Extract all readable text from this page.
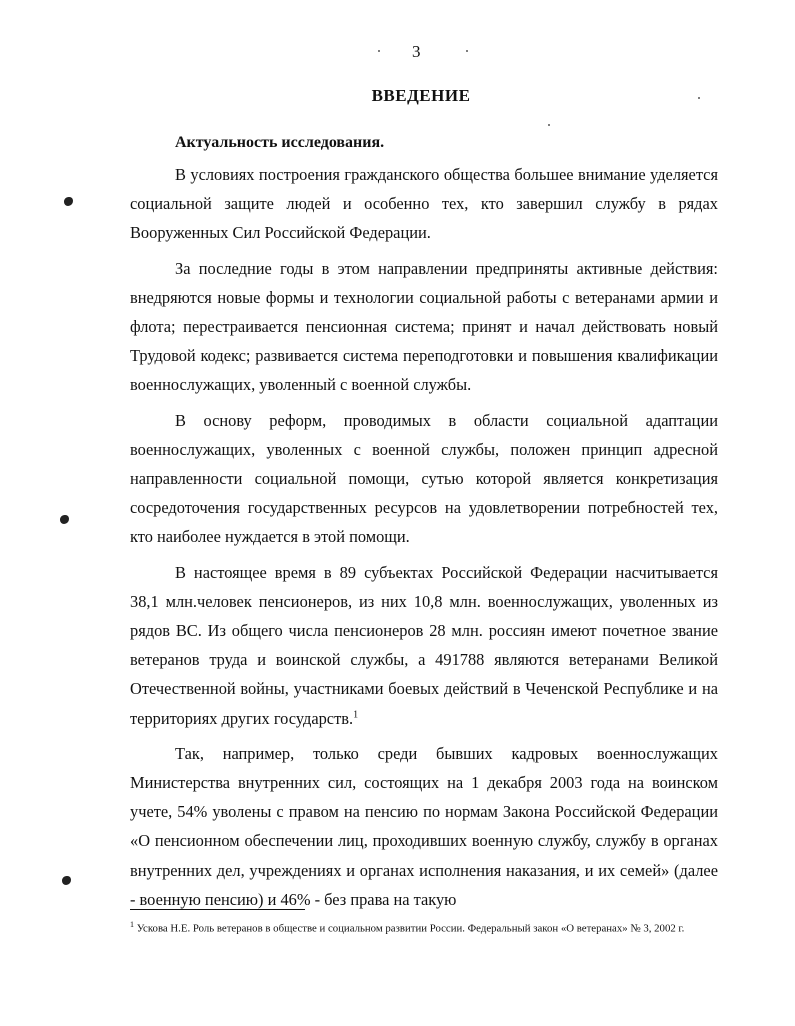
3
ВВЕДЕНИЕ
Актуальность исследования.

В условиях построения гражданского общества большее внимание уделяется социальной защите людей и особенно тех, кто завершил службу в рядах Вооруженных Сил Российской Федерации.

За последние годы в этом направлении предприняты активные действия: внедряются новые формы и технологии социальной работы с ветеранами армии и флота; перестраивается пенсионная система; принят и начал действовать новый Трудовой кодекс; развивается система переподготовки и повышения квалификации военнослужащих, уволенный с военной службы.

В основу реформ, проводимых в области социальной адаптации военнослужащих, уволенных с военной службы, положен принцип адресной направленности социальной помощи, сутью которой является конкретизация сосредоточения государственных ресурсов на удовлетворении потребностей тех, кто наиболее нуждается в этой помощи.

В настоящее время в 89 субъектах Российской Федерации насчитывается 38,1 млн.человек пенсионеров, из них 10,8 млн. военнослужащих, уволенных из рядов ВС. Из общего числа пенсионеров 28 млн. россиян имеют почетное звание ветеранов труда и воинской службы, а 491788 являются ветеранами Великой Отечественной войны, участниками боевых действий в Чеченской Республике и на территориях других государств.$^1$

Так, например, только среди бывших кадровых военнослужащих Министерства внутренних сил, состоящих на 1 декабря 2003 года на воинском учете, 54% уволены с правом на пенсию по нормам Закона Российской Федерации «О пенсионном обеспечении лиц, проходивших военную службу, службу в органах внутренних дел, учреждениях и органах исполнения наказания, и их семей» (далее - военную пенсию) и 46% - без права на такую

$^1$ Ускова Н.Е. Роль ветеранов в обществе и социальном развитии России. Федеральный закон «О ветеранах» № 3, 2002 г.
